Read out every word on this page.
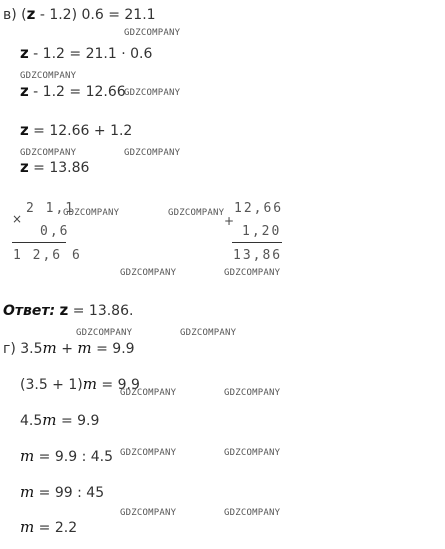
в) (z - 1.2) 0.6 = 21.1
z - 1.2 = 21.1 · 0.6
z - 1.2 = 12.66
z = 12.66 + 1.2
z = 13.86
×
2 1,1
0,6
1 2,6 6
+
12,66
1,20
13,86
Ответ: z = 13.86.
г) 3.5m + m = 9.9
(3.5 + 1)m = 9.9
4.5m = 9.9
m = 9.9 : 4.5
m = 99 : 45
m = 2.2
GDZCOMPANY
GDZCOMPANY
GDZCOMPANY
GDZCOMPANY	GDZCOMPANY
GDZCOMPANY	GDZCOMPANY
GDZCOMPANY	GDZCOMPANY
GDZCOMPANY	GDZCOMPANY
GDZCOMPANY	GDZCOMPANY
GDZCOMPANY	GDZCOMPANY
GDZCOMPANY	GDZCOMPANY
